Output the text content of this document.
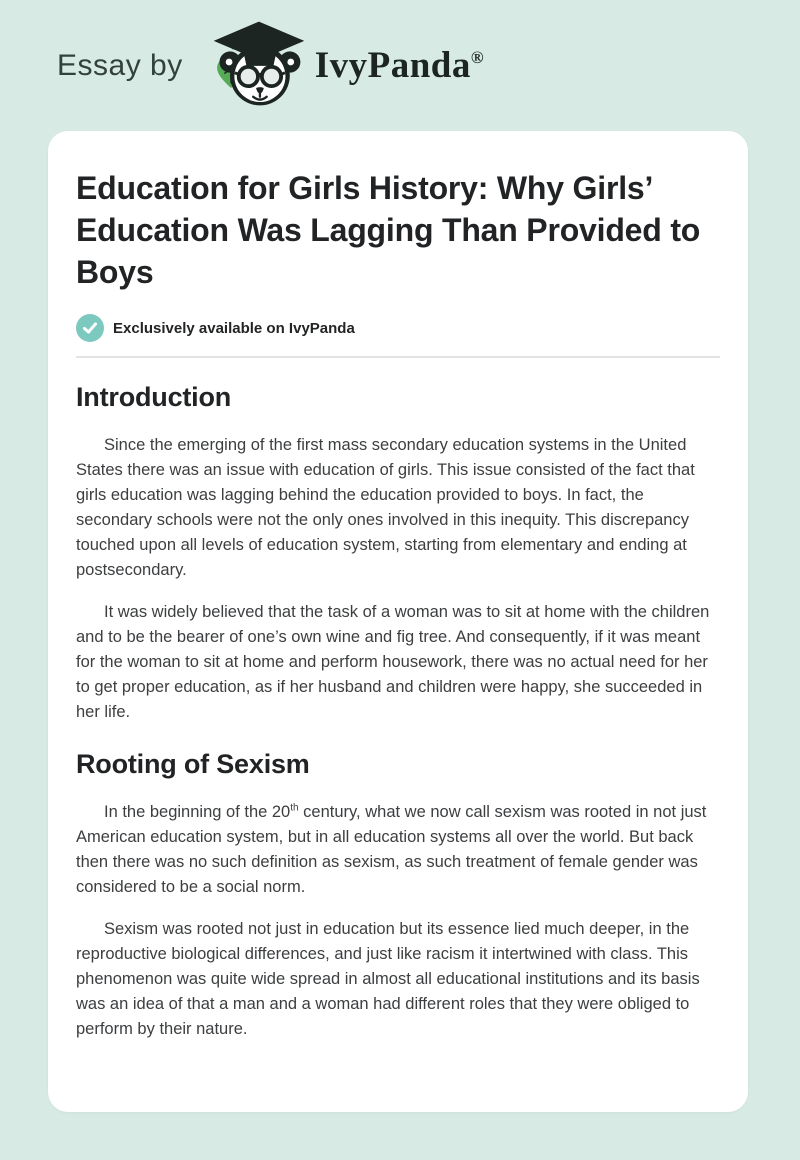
Essay by	IvyPanda®
Education for Girls History: Why Girls’ Education Was Lagging Than Provided to Boys
Exclusively available on IvyPanda
Introduction

Since the emerging of the first mass secondary education systems in the United States there was an issue with education of girls. This issue consisted of the fact that girls education was lagging behind the education provided to boys. In fact, the secondary schools were not the only ones involved in this inequity. This discrepancy touched upon all levels of education system, starting from elementary and ending at postsecondary.

It was widely believed that the task of a woman was to sit at home with the children and to be the bearer of one’s own wine and fig tree. And consequently, if it was meant for the woman to sit at home and perform housework, there was no actual need for her to get proper education, as if her husband and children were happy, she succeeded in her life.

Rooting of Sexism

In the beginning of the 20th century, what we now call sexism was rooted in not just American education system, but in all education systems all over the world. But back then there was no such definition as sexism, as such treatment of female gender was considered to be a social norm.

Sexism was rooted not just in education but its essence lied much deeper, in the reproductive biological differences, and just like racism it intertwined with class. This phenomenon was quite wide spread in almost all educational institutions and its basis was an idea of that a man and a woman had different roles that they were obliged to perform by their nature.
